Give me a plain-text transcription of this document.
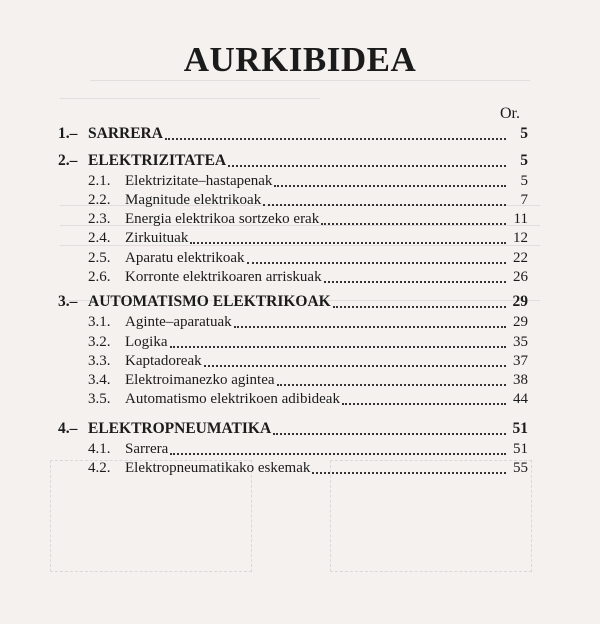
AURKIBIDEA
Or.
1.– SARRERA	5
2.– ELEKTRIZITATEA	5
2.1. Elektrizitate–hastapenak	5
2.2. Magnitude elektrikoak	7
2.3. Energia elektrikoa sortzeko erak	11
2.4. Zirkuituak	12
2.5. Aparatu elektrikoak	22
2.6. Korronte elektrikoaren arriskuak	26
3.– AUTOMATISMO ELEKTRIKOAK	29
3.1. Aginte–aparatuak	29
3.2. Logika	35
3.3. Kaptadoreak	37
3.4. Elektroimanezko agintea	38
3.5. Automatismo elektrikoen adibideak	44
4.– ELEKTROPNEUMATIKA	51
4.1. Sarrera	51
4.2. Elektropneumatikako eskemak	55
